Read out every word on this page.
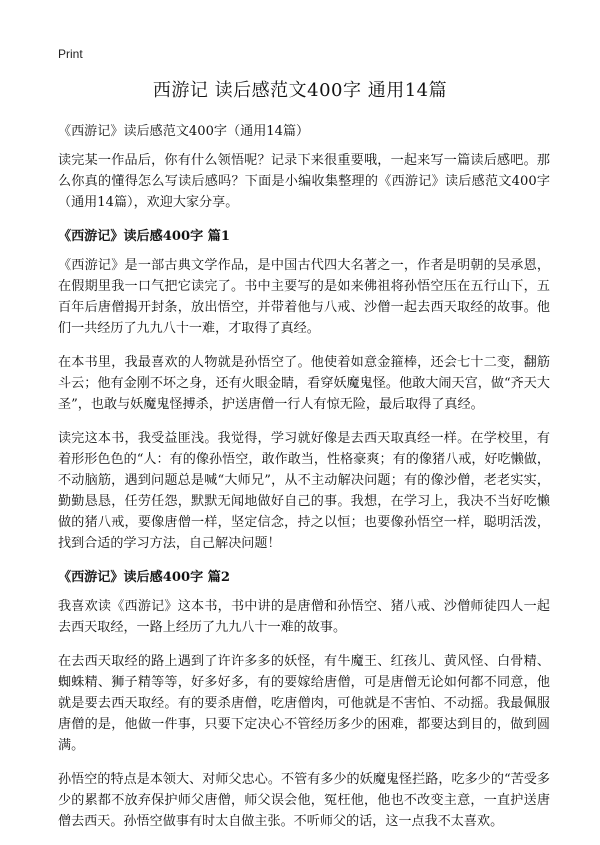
Print
西游记 读后感范文400字 通用14篇

《西游记》读后感范文400字（通用14篇）

读完某一作品后，你有什么领悟呢？记录下来很重要哦，一起来写一篇读后感吧。那么你真的懂得怎么写读后感吗？下面是小编收集整理的《西游记》读后感范文400字（通用14篇），欢迎大家分享。

《西游记》读后感400字 篇1

《西游记》是一部古典文学作品，是中国古代四大名著之一，作者是明朝的吴承恩，在假期里我一口气把它读完了。书中主要写的是如来佛祖将孙悟空压在五行山下，五百年后唐僧揭开封条，放出悟空，并带着他与八戒、沙僧一起去西天取经的故事。他们一共经历了九九八十一难，才取得了真经。

在本书里，我最喜欢的人物就是孙悟空了。他使着如意金箍棒，还会七十二变，翻筋斗云；他有金刚不坏之身，还有火眼金睛，看穿妖魔鬼怪。他敢大闹天宫，做“齐天大圣”，也敢与妖魔鬼怪搏杀，护送唐僧一行人有惊无险，最后取得了真经。

读完这本书，我受益匪浅。我觉得，学习就好像是去西天取真经一样。在学校里，有着形形色色的“人：有的像孙悟空，敢作敢当，性格豪爽；有的像猪八戒，好吃懒做，不动脑筋，遇到问题总是喊“大师兄”，从不主动解决问题；有的像沙僧，老老实实，勤勤恳恳，任劳任怨，默默无闻地做好自己的事。我想，在学习上，我决不当好吃懒做的猪八戒，要像唐僧一样，坚定信念，持之以恒；也要像孙悟空一样，聪明活泼，找到合适的学习方法，自己解决问题！

《西游记》读后感400字 篇2

我喜欢读《西游记》这本书，书中讲的是唐僧和孙悟空、猪八戒、沙僧师徒四人一起去西天取经，一路上经历了九九八十一难的故事。

在去西天取经的路上遇到了许许多多的妖怪，有牛魔王、红孩儿、黄风怪、白骨精、蜘蛛精、狮子精等等，好多好多，有的要嫁给唐僧，可是唐僧无论如何都不同意，他就是要去西天取经。有的要杀唐僧，吃唐僧肉，可他就是不害怕、不动摇。我最佩服唐僧的是，他做一件事，只要下定决心不管经历多少的困难，都要达到目的，做到圆满。

孙悟空的特点是本领大、对师父忠心。不管有多少的妖魔鬼怪拦路，吃多少的“苦受多少的累都不放弃保护师父唐僧，师父误会他，冤枉他，他也不改变主意，一直护送唐僧去西天。孙悟空做事有时太自做主张。不听师父的话，这一点我不太喜欢。
